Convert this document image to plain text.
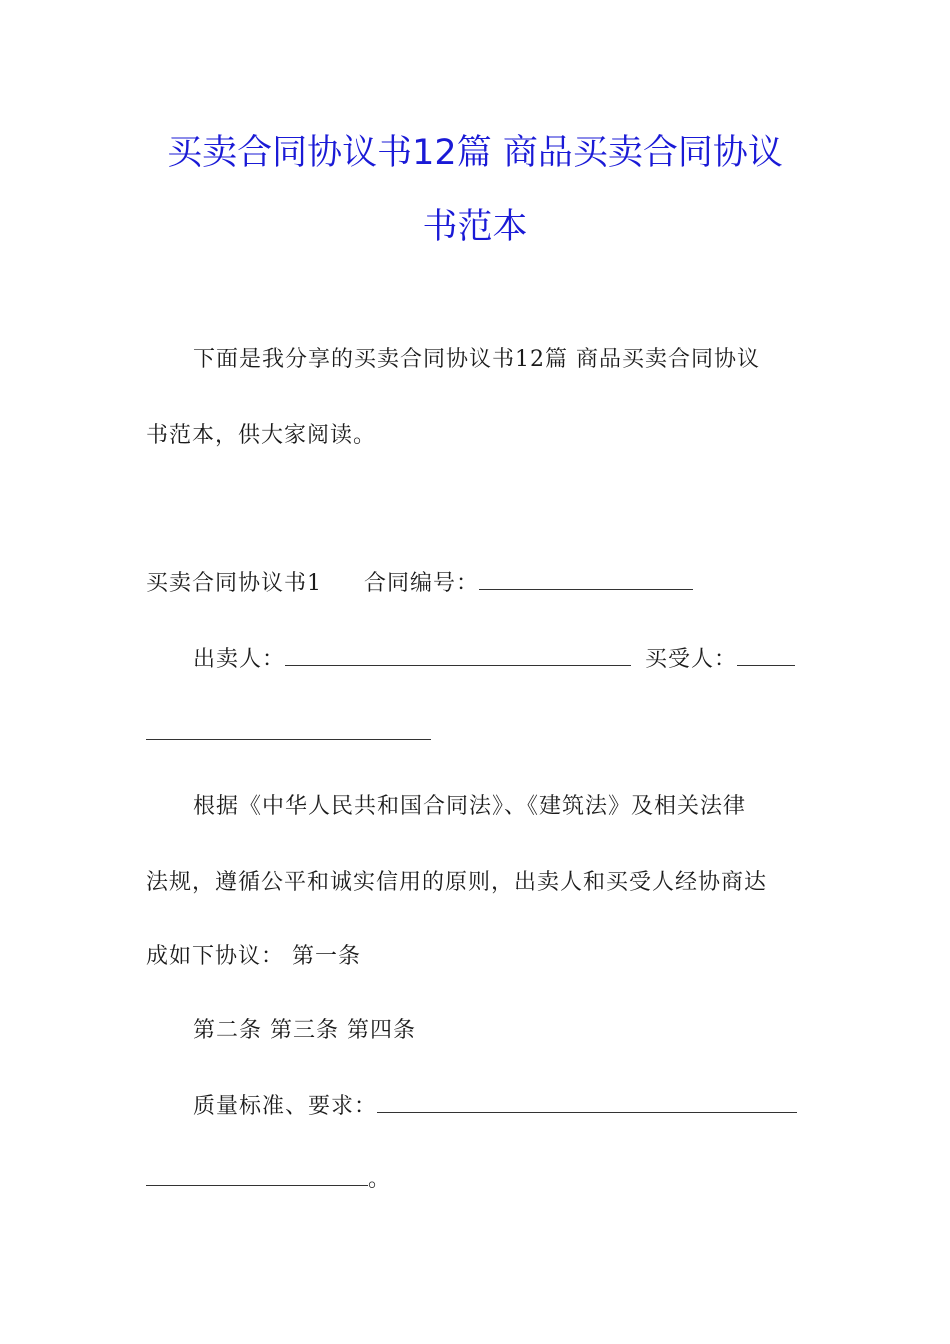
买卖合同协议书12篇 商品买卖合同协议
书范本
下面是我分享的买卖合同协议书12篇 商品买卖合同协议
书范本，供大家阅读。
买卖合同协议书1 合同编号：
出卖人：	买受人：
根据《中华人民共和国合同法》、《建筑法》及相关法律
法规，遵循公平和诚实信用的原则，出卖人和买受人经协商达
成如下协议： 第一条
第二条 第三条 第四条
质量标准、要求：
。
